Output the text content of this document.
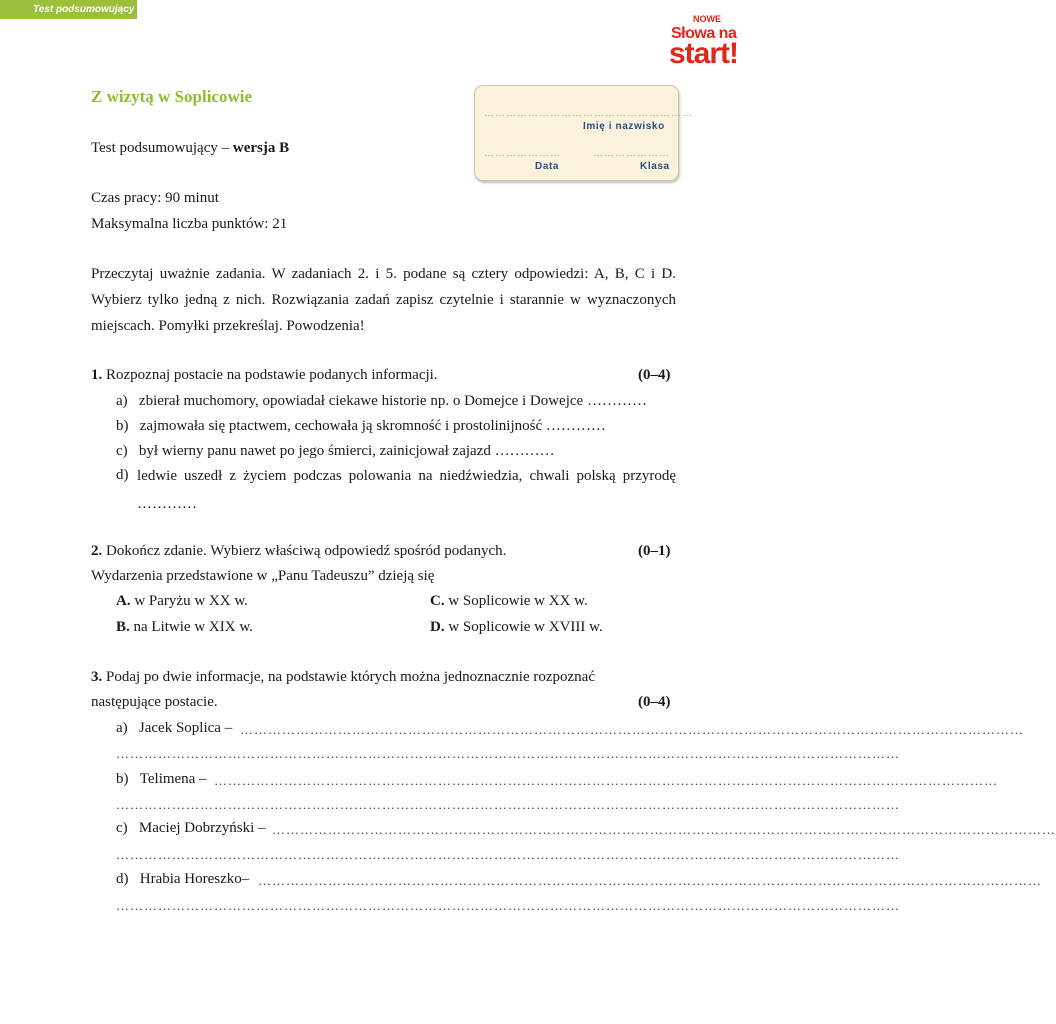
Test podsumowujący
NOWE
Słowa na
start!
Z wizytą w Soplicowie
…………………………………………………
Imię i nazwisko
…………………	…………………
Data	Klasa
Test podsumowujący – wersja B
Czas pracy: 90 minut
Maksymalna liczba punktów: 21
Przeczytaj uważnie zadania. W zadaniach 2. i 5. podane są cztery odpowiedzi: A, B, C i D. Wybierz tylko jedną z nich. Rozwiązania zadań zapisz czytelnie i starannie w wyznaczonych miejscach. Pomyłki przekreślaj. Powodzenia!
1. Rozpoznaj postacie na podstawie podanych informacji.	(0–4)
a) zbierał muchomory, opowiadał ciekawe historie np. o Domejce i Dowejce …………
b) zajmowała się ptactwem, cechowała ją skromność i prostolinijność …………
c) był wierny panu nawet po jego śmierci, zainicjował zajazd …………
d) ledwie uszedł z życiem podczas polowania na niedźwiedzia, chwali polską przyrodę …………
2. Dokończ zdanie. Wybierz właściwą odpowiedź spośród podanych.	(0–1)
Wydarzenia przedstawione w „Panu Tadeuszu” dzieją się
A. w Paryżu w XX w.	C. w Soplicowie w XX w.
B. na Litwie w XIX w.	D. w Soplicowie w XVIII w.
3. Podaj po dwie informacje, na podstawie których można jednoznacznie rozpoznać
następujące postacie.	(0–4)
a) Jacek Soplica – ……………………………………………………………………………………………………………………………………………………
……………………………………………………………………………………………………………………………………………………
b) Telimena – ……………………………………………………………………………………………………………………………………………………
……………………………………………………………………………………………………………………………………………………
c) Maciej Dobrzyński – ……………………………………………………………………………………………………………………………………………………
……………………………………………………………………………………………………………………………………………………
d) Hrabia Horeszko– ……………………………………………………………………………………………………………………………………………………
……………………………………………………………………………………………………………………………………………………
